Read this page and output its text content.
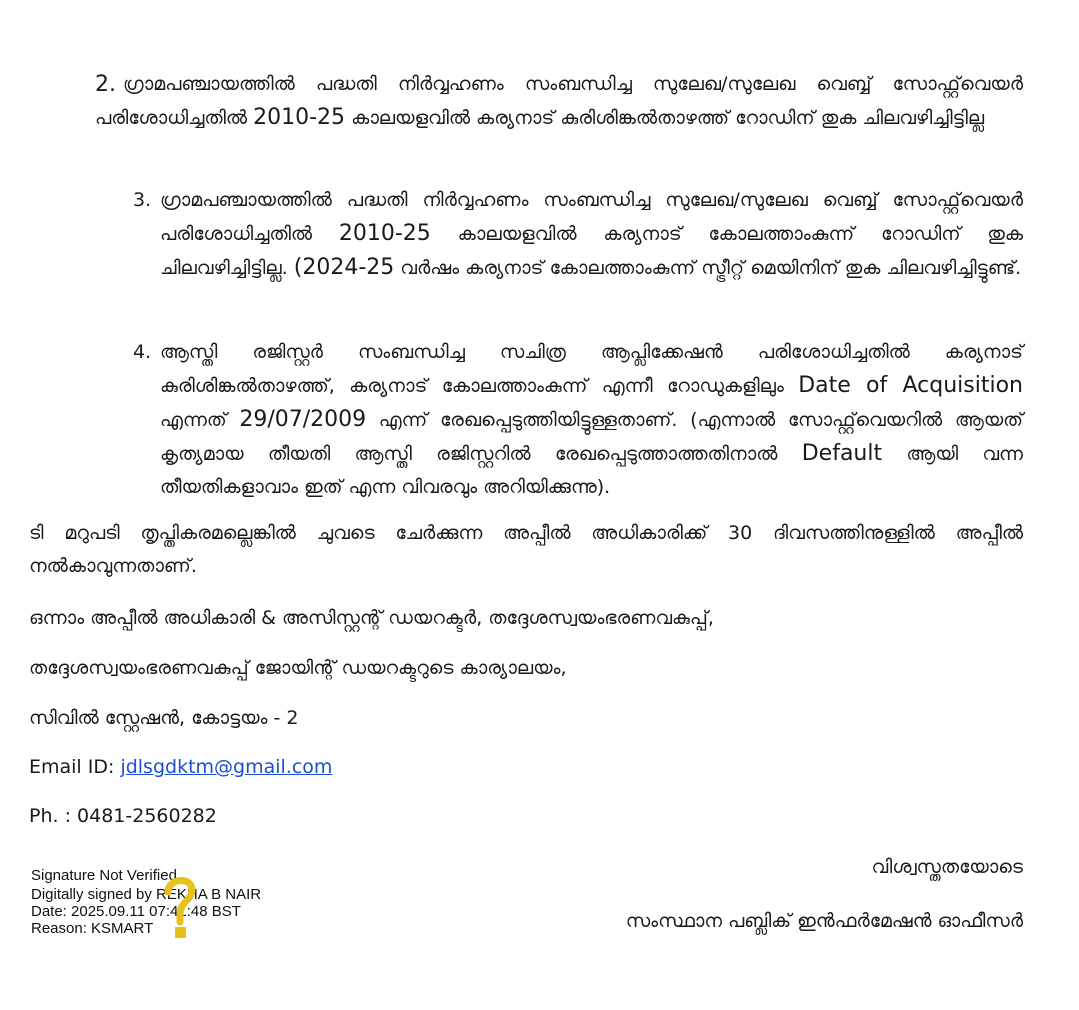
2. ഗ്രാമപഞ്ചായത്തിൽ പദ്ധതി നിർവ്വഹണം സംബന്ധിച്ച സുലേഖ/സുലേഖ വെബ്ബ് സോഫ്റ്റ്‌വെയർ പരിശോധിച്ചതിൽ 2010-25 കാലയളവിൽ കര്യനാട് കുരിശിങ്കൽതാഴത്ത് റോഡിന് തുക ചിലവഴിച്ചിട്ടില്ല
3. ഗ്രാമപഞ്ചായത്തിൽ പദ്ധതി നിർവ്വഹണം സംബന്ധിച്ച സുലേഖ/സുലേഖ വെബ്ബ് സോഫ്റ്റ്‌വെയർ പരിശോധിച്ചതിൽ 2010-25 കാലയളവിൽ കര്യനാട് കോലത്താംകുന്ന് റോഡിന് തുക ചിലവഴിച്ചിട്ടില്ല. (2024-25 വർഷം കര്യനാട് കോലത്താംകുന്ന് സ്ട്രീറ്റ് മെയിനിന് തുക ചിലവഴിച്ചിട്ടുണ്ട്.
4. ആസ്തി രജിസ്റ്റർ സംബന്ധിച്ച സചിത്ര ആപ്ലിക്കേഷൻ പരിശോധിച്ചതിൽ കര്യനാട് കുരിശിങ്കൽതാഴത്ത്, കര്യനാട് കോലത്താംകുന്ന് എന്നീ റോഡുകളിലും Date of Acquisition എന്നത് 29/07/2009 എന്ന് രേഖപ്പെടുത്തിയിട്ടുള്ളതാണ്. (എന്നാൽ സോഫ്റ്റ്‌വെയറിൽ ആയത് കൃത്യമായ തീയതി ആസ്തി രജിസ്റ്ററിൽ രേഖപ്പെടുത്താത്തതിനാൽ Default ആയി വന്ന തീയതികളാവാം ഇത് എന്ന വിവരവും അറിയിക്കുന്നു).
ടി മറുപടി തൃപ്തികരമല്ലെങ്കിൽ ചുവടെ ചേർക്കുന്ന അപ്പീൽ അധികാരിക്ക് 30 ദിവസത്തിനുള്ളിൽ അപ്പീൽ നൽകാവുന്നതാണ്.
ഒന്നാം അപ്പീൽ അധികാരി & അസിസ്റ്റന്റ് ഡയറക്ടർ, തദ്ദേശസ്വയംഭരണവകുപ്പ്,
തദ്ദേശസ്വയംഭരണവകുപ്പ് ജോയിന്റ് ഡയറക്ടറുടെ കാര്യാലയം,
സിവിൽ സ്റ്റേഷൻ, കോട്ടയം - 2
Email ID: jdlsgdktm@gmail.com
Ph. : 0481-2560282
Signature Not Verified
Digitally signed by REKHA B NAIR
Date: 2025.09.11 07:41:48 BST
Reason: KSMART
വിശ്വസ്തതയോടെ
സംസ്ഥാന പബ്ലിക് ഇൻഫർമേഷൻ ഓഫീസർ
